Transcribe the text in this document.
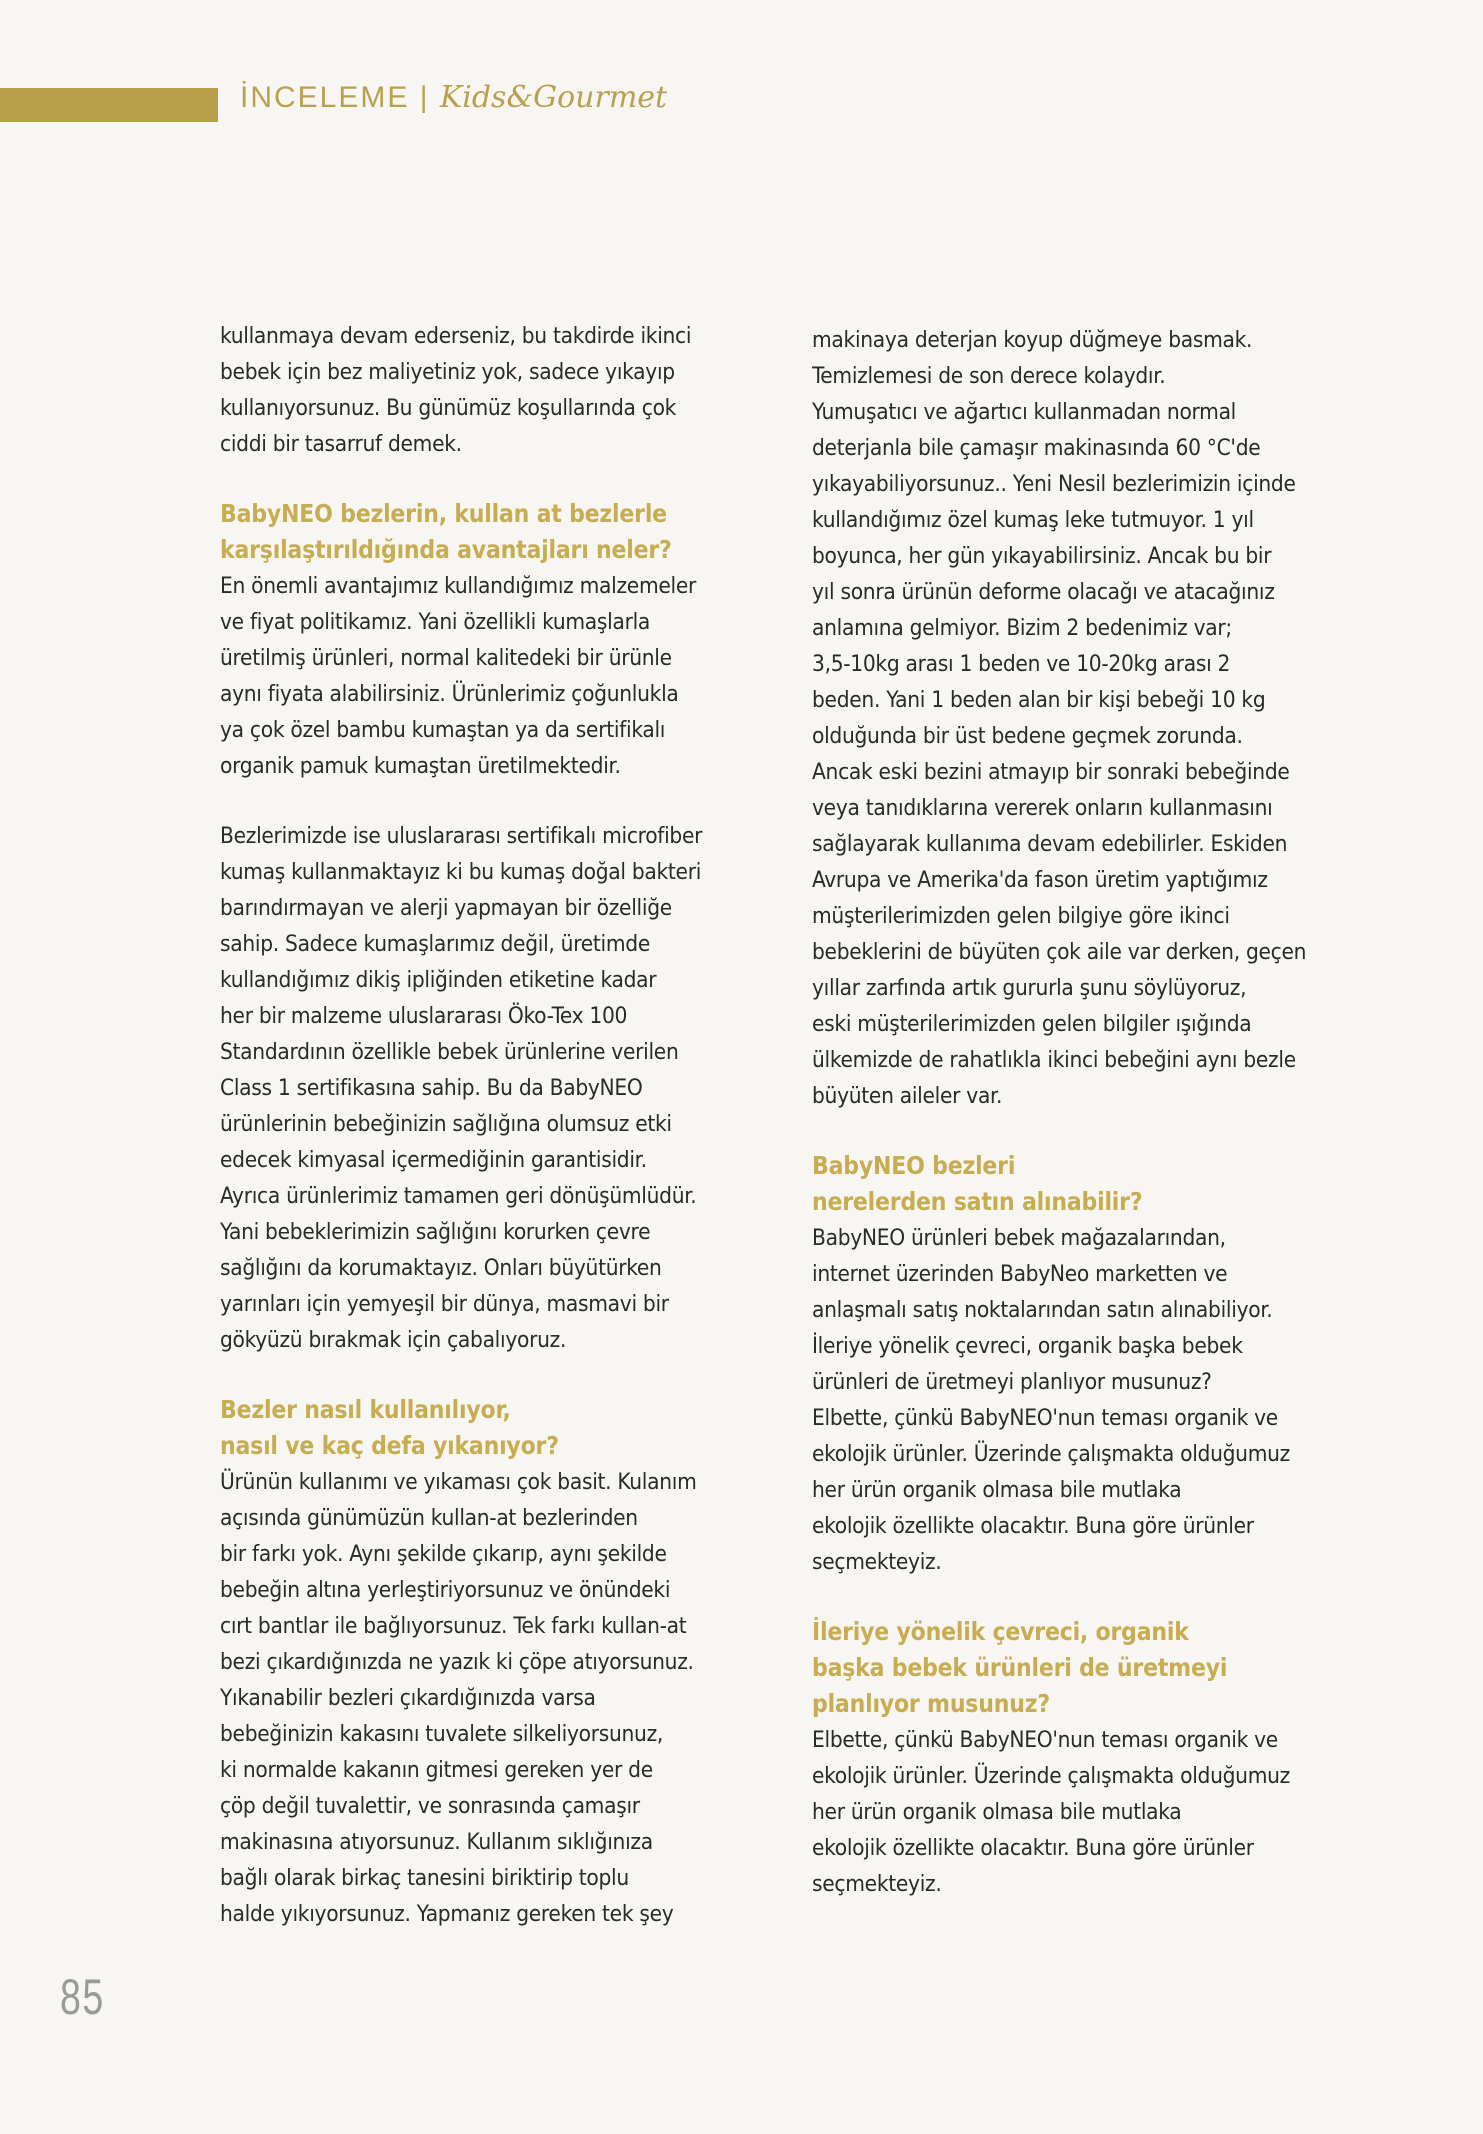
İNCELEME | Kids&Gourmet

kullanmaya devam ederseniz, bu takdirde ikinci
bebek için bez maliyetiniz yok, sadece yıkayıp
kullanıyorsunuz. Bu günümüz koşullarında çok
ciddi bir tasarruf demek.

BabyNEO bezlerin, kullan at bezlerle
karşılaştırıldığında avantajları neler?

En önemli avantajımız kullandığımız malzemeler
ve fiyat politikamız. Yani özellikli kumaşlarla
üretilmiş ürünleri, normal kalitedeki bir ürünle
aynı fiyata alabilirsiniz. Ürünlerimiz çoğunlukla
ya çok özel bambu kumaştan ya da sertifikalı
organik pamuk kumaştan üretilmektedir.

Bezlerimizde ise uluslararası sertifikalı microfiber
kumaş kullanmaktayız ki bu kumaş doğal bakteri
barındırmayan ve alerji yapmayan bir özelliğe
sahip. Sadece kumaşlarımız değil, üretimde
kullandığımız dikiş ipliğinden etiketine kadar
her bir malzeme uluslararası Öko-Tex 100
Standardının özellikle bebek ürünlerine verilen
Class 1 sertifikasına sahip. Bu da BabyNEO
ürünlerinin bebeğinizin sağlığına olumsuz etki
edecek kimyasal içermediğinin garantisidir.
Ayrıca ürünlerimiz tamamen geri dönüşümlüdür.
Yani bebeklerimizin sağlığını korurken çevre
sağlığını da korumaktayız. Onları büyütürken
yarınları için yemyeşil bir dünya, masmavi bir
gökyüzü bırakmak için çabalıyoruz.

Bezler nasıl kullanılıyor,
nasıl ve kaç defa yıkanıyor?

Ürünün kullanımı ve yıkaması çok basit. Kulanım
açısında günümüzün kullan-at bezlerinden
bir farkı yok. Aynı şekilde çıkarıp, aynı şekilde
bebeğin altına yerleştiriyorsunuz ve önündeki
cırt bantlar ile bağlıyorsunuz. Tek farkı kullan-at
bezi çıkardığınızda ne yazık ki çöpe atıyorsunuz.
Yıkanabilir bezleri çıkardığınızda varsa
bebeğinizin kakasını tuvalete silkeliyorsunuz,
ki normalde kakanın gitmesi gereken yer de
çöp değil tuvalettir, ve sonrasında çamaşır
makinasına atıyorsunuz. Kullanım sıklığınıza
bağlı olarak birkaç tanesini biriktirip toplu
halde yıkıyorsunuz. Yapmanız gereken tek şey

makinaya deterjan koyup düğmeye basmak.
Temizlemesi de son derece kolaydır.
Yumuşatıcı ve ağartıcı kullanmadan normal
deterjanla bile çamaşır makinasında 60 °C'de
yıkayabiliyorsunuz.. Yeni Nesil bezlerimizin içinde
kullandığımız özel kumaş leke tutmuyor. 1 yıl
boyunca, her gün yıkayabilirsiniz. Ancak bu bir
yıl sonra ürünün deforme olacağı ve atacağınız
anlamına gelmiyor. Bizim 2 bedenimiz var;
3,5-10kg arası 1 beden ve 10-20kg arası 2
beden. Yani 1 beden alan bir kişi bebeği 10 kg
olduğunda bir üst bedene geçmek zorunda.
Ancak eski bezini atmayıp bir sonraki bebeğinde
veya tanıdıklarına vererek onların kullanmasını
sağlayarak kullanıma devam edebilirler. Eskiden
Avrupa ve Amerika'da fason üretim yaptığımız
müşterilerimizden gelen bilgiye göre ikinci
bebeklerini de büyüten çok aile var derken, geçen
yıllar zarfında artık gururla şunu söylüyoruz,
eski müşterilerimizden gelen bilgiler ışığında
ülkemizde de rahatlıkla ikinci bebeğini aynı bezle
büyüten aileler var.

BabyNEO bezleri
nerelerden satın alınabilir?

BabyNEO ürünleri bebek mağazalarından,
internet üzerinden BabyNeo marketten ve
anlaşmalı satış noktalarından satın alınabiliyor.
İleriye yönelik çevreci, organik başka bebek
ürünleri de üretmeyi planlıyor musunuz?
Elbette, çünkü BabyNEO'nun teması organik ve
ekolojik ürünler. Üzerinde çalışmakta olduğumuz
her ürün organik olmasa bile mutlaka
ekolojik özellikte olacaktır. Buna göre ürünler
seçmekteyiz.

İleriye yönelik çevreci, organik
başka bebek ürünleri de üretmeyi
planlıyor musunuz?

Elbette, çünkü BabyNEO'nun teması organik ve
ekolojik ürünler. Üzerinde çalışmakta olduğumuz
her ürün organik olmasa bile mutlaka
ekolojik özellikte olacaktır. Buna göre ürünler
seçmekteyiz.

85
